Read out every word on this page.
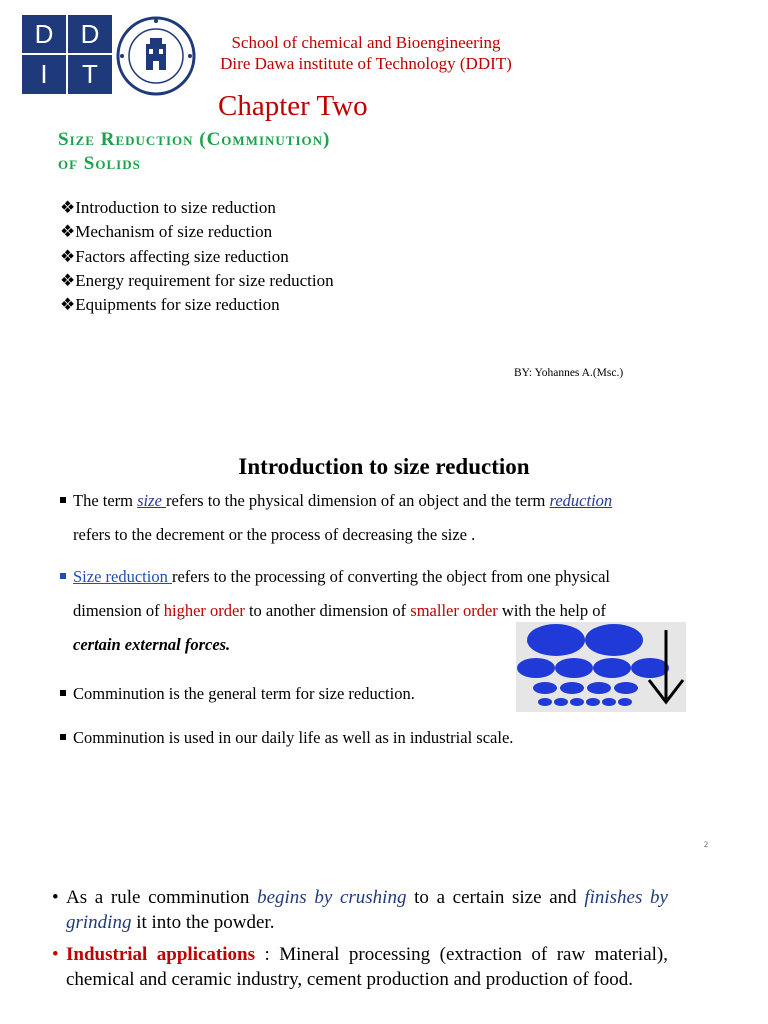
D	D
I	T
School of chemical and Bioengineering
Dire Dawa institute of Technology (DDIT)
Chapter Two
Size Reduction (Comminution)
of Solids
❖Introduction to size reduction
❖Mechanism of size reduction
❖Factors affecting size reduction
❖Energy requirement for size reduction
❖Equipments for size reduction
BY: Yohannes A.(Msc.)
Introduction to size reduction
The term size refers to the physical dimension of an object and the term reduction
refers to the decrement or the process of decreasing the size .
Size reduction refers to the processing of converting the object from one physical
dimension of higher order to another dimension of smaller order with the help of
certain external forces.
Comminution is the general term for size reduction.
Comminution is used in our daily life as well as in industrial scale.
2
• As a rule comminution begins by crushing to a certain size and finishes by grinding it into the powder.
• Industrial applications : Mineral processing (extraction of raw material), chemical and ceramic industry, cement production and production of food.
